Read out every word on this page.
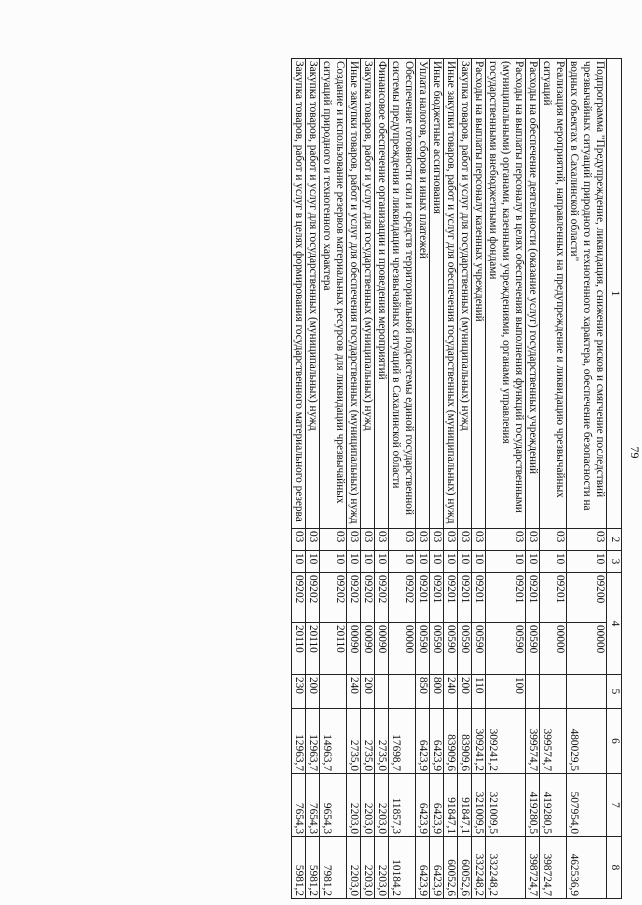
79
1	2	3	4		5	6	7	8
Подпрограмма "Предупреждение, ликвидация, снижение рисков и смягчение последствий чрезвычайных ситуаций природного и техногенного характера, обеспечение безопасности на водных объектах в Сахалинской области"	03	10	09200	00000		480029,5	507954,0	462536,9
Реализация мероприятий, направленных на предупреждение и ликвидацию чрезвычайных ситуаций	03	10	09201	00000		399574,7	419280,5	398724,7
Расходы на обеспечение деятельности (оказание услуг) государственных учреждений	03	10	09201	00590		399574,7	419280,5	398724,7
Расходы на выплаты персоналу в целях обеспечения выполнения функций государственными (муниципальными) органами, казенными учреждениями, органами управления государственными внебюджетными фондами	03	10	09201	00590	100	309241,2	321009,5	332248,2
Расходы на выплаты персоналу казенных учреждений	03	10	09201	00590	110	309241,2	321009,5	332248,2
Закупка товаров, работ и услуг для государственных (муниципальных) нужд	03	10	09201	00590	200	83909,6	91847,1	60052,6
Иные закупки товаров, работ и услуг для обеспечения государственных (муниципальных) нужд	03	10	09201	00590	240	83909,6	91847,1	60052,6
Иные бюджетные ассигнования	03	10	09201	00590	800	6423,9	6423,9	6423,9
Уплата налогов, сборов и иных платежей	03	10	09201	00590	850	6423,9	6423,9	6423,9
Обеспечение готовности сил и средств территориальной подсистемы единой государственной системы предупреждения и ликвидации чрезвычайных ситуаций в Сахалинской области	03	10	09202	00000		17698,7	11857,3	10184,2
Финансовое обеспечение организации и проведения мероприятий	03	10	09202	00090		2735,0	2203,0	2203,0
Закупка товаров, работ и услуг для государственных (муниципальных) нужд	03	10	09202	00090	200	2735,0	2203,0	2203,0
Иные закупки товаров, работ и услуг для обеспечения государственных (муниципальных) нужд	03	10	09202	00090	240	2735,0	2203,0	2203,0
Создание и использование резервов материальных ресурсов для ликвидации чрезвычайных ситуаций природного и техногенного характера	03	10	09202	20110		14963,7	9654,3	7981,2
Закупка товаров, работ и услуг для государственных (муниципальных) нужд	03	10	09202	20110	200	12963,7	7654,3	5981,2
Закупка товаров, работ и услуг в целях формирования государственного материального резерва	03	10	09202	20110	230	12963,7	7654,3	5981,2
